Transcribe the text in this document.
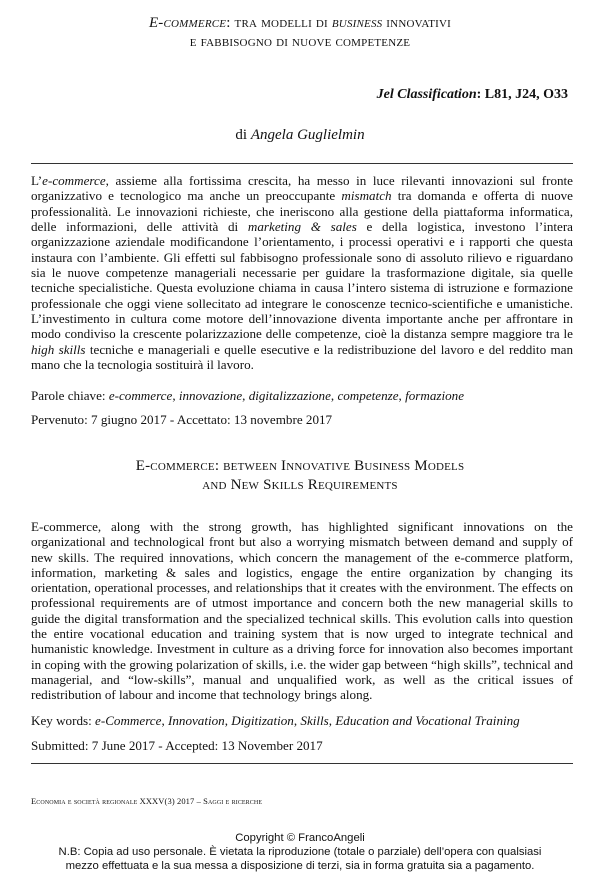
E-commerce: tra modelli di business innovativi
e fabbisogno di nuove competenze
Jel Classification: L81, J24, O33
di Angela Guglielmin

L’e-commerce, assieme alla fortissima crescita, ha messo in luce rilevanti innovazioni sul fronte organizzativo e tecnologico ma anche un preoccupante mismatch tra domanda e offerta di nuove professionalità. Le innovazioni richieste, che ineriscono alla gestione della piattaforma informatica, delle informazioni, delle attività di marketing & sales e della logistica, investono l’intera organizzazione aziendale modificandone l’orientamento, i processi operativi e i rapporti che questa instaura con l’ambiente. Gli effetti sul fabbisogno professionale sono di assoluto rilievo e riguardano sia le nuove competenze manageriali necessarie per guidare la trasformazione digitale, sia quelle tecniche specialistiche. Questa evoluzione chiama in causa l’intero sistema di istruzione e formazione professionale che oggi viene sollecitato ad integrare le conoscenze tecnico-scientifiche e umanistiche. L’investimento in cultura come motore dell’innovazione diventa importante anche per affrontare in modo condiviso la crescente polarizzazione delle competenze, cioè la distanza sempre maggiore tra le high skills tecniche e manageriali e quelle esecutive e la redistribuzione del lavoro e del reddito man mano che la tecnologia sostituirà il lavoro.

Parole chiave: e-commerce, innovazione, digitalizzazione, competenze, formazione

Pervenuto: 7 giugno 2017 - Accettato: 13 novembre 2017

E-commerce: between Innovative Business Models
and New Skills Requirements

E-commerce, along with the strong growth, has highlighted significant innovations on the organizational and technological front but also a worrying mismatch between demand and supply of new skills. The required innovations, which concern the management of the e-commerce platform, information, marketing & sales and logistics, engage the entire organization by changing its orientation, operational processes, and relationships that it creates with the environment. The effects on professional requirements are of utmost importance and concern both the new managerial skills to guide the digital transformation and the specialized technical skills. This evolution calls into question the entire vocational education and training system that is now urged to integrate technical and humanistic knowledge. Investment in culture as a driving force for innovation also becomes important in coping with the growing polarization of skills, i.e. the wider gap between “high skills”, technical and managerial, and “low-skills”, manual and unqualified work, as well as the critical issues of redistribution of labour and income that technology brings along.

Key words: e-Commerce, Innovation, Digitization, Skills, Education and Vocational Training

Submitted: 7 June 2017 - Accepted: 13 November 2017

Economia e società regionale XXXV(3) 2017 – Saggi e ricerche
Copyright © FrancoAngeli
N.B: Copia ad uso personale. È vietata la riproduzione (totale o parziale) dell’opera con qualsiasi
mezzo effettuata e la sua messa a disposizione di terzi, sia in forma gratuita sia a pagamento.
